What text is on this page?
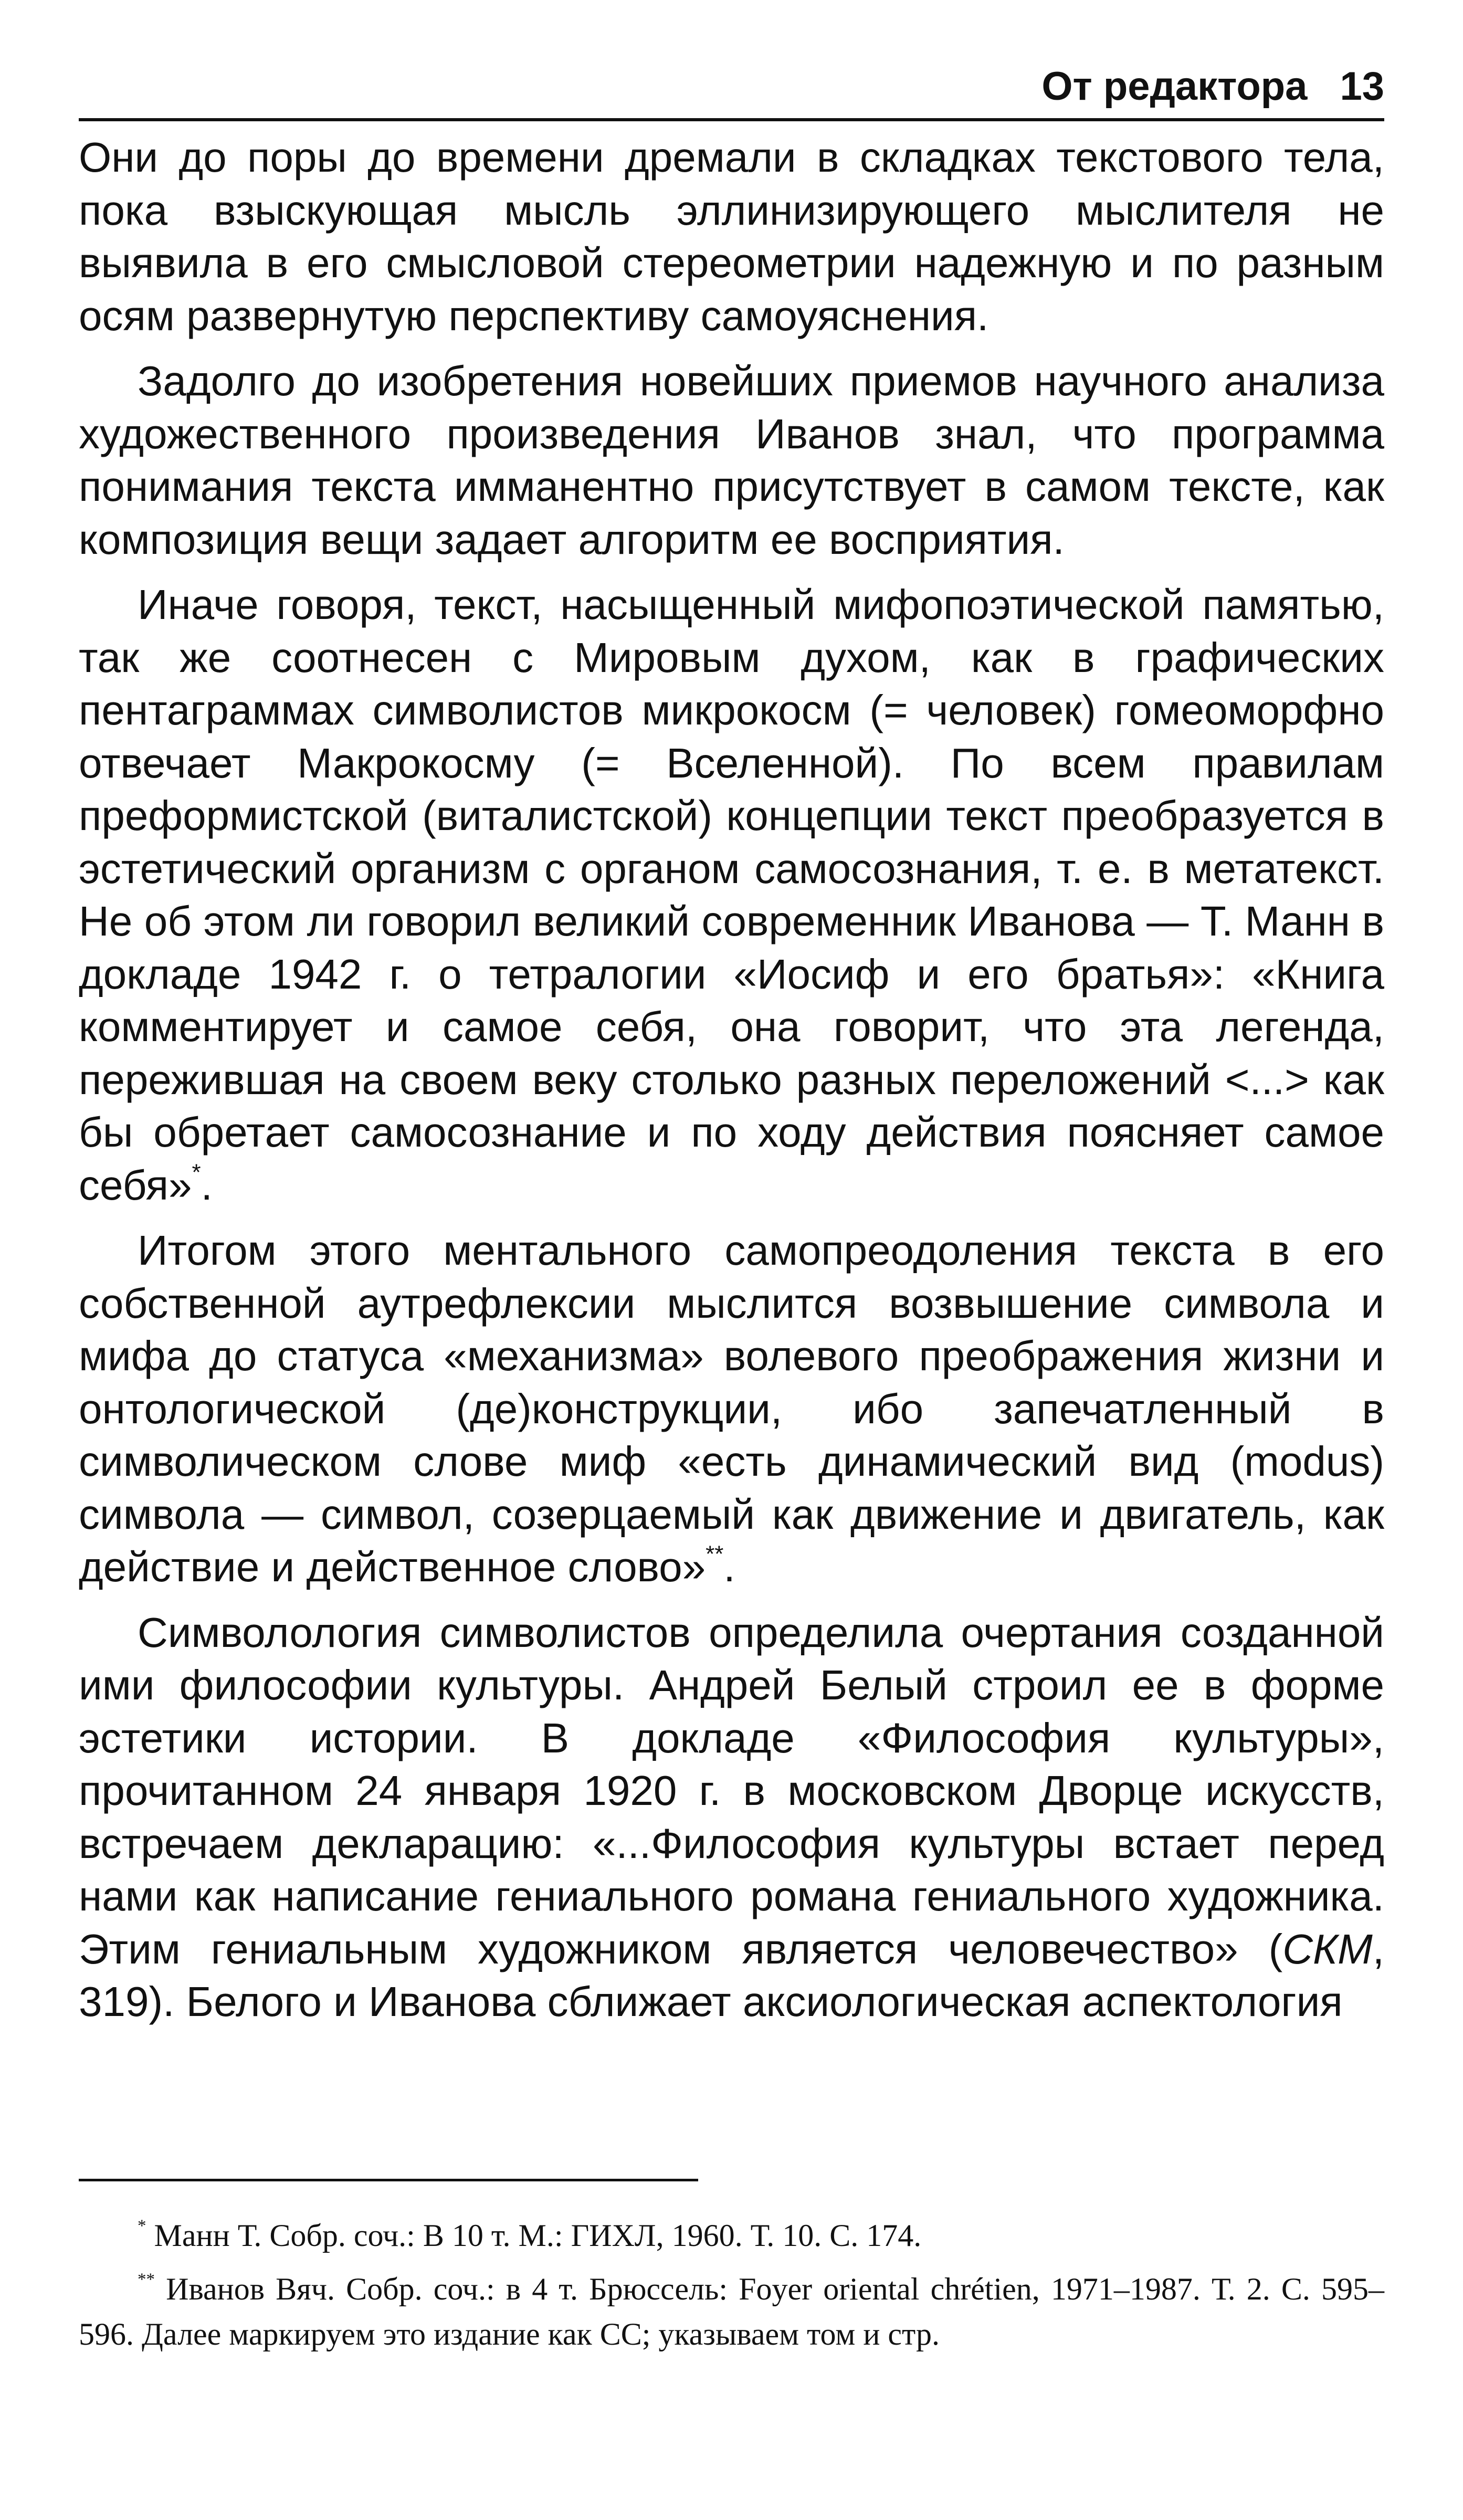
От редактора 13

Они до поры до времени дремали в складках текстового тела, пока взыскующая мысль эллинизирующего мыслителя не выявила в его смысловой стереометрии надежную и по разным осям развернутую перспективу самоуяснения.

Задолго до изобретения новейших приемов научного анализа художественного произведения Иванов знал, что программа понимания текста имманентно присутствует в самом тексте, как композиция вещи задает алгоритм ее восприятия.

Иначе говоря, текст, насыщенный мифопоэтической памятью, так же соотнесен с Мировым духом, как в графических пентаграммах символистов микрокосм (= человек) гомеоморфно отвечает Макрокосму (= Вселенной). По всем правилам преформистской (виталистской) концепции текст преобразуется в эстетический организм с органом самосознания, т. е. в метатекст. Не об этом ли говорил великий современник Иванова — Т. Манн в докладе 1942 г. о тетралогии «Иосиф и его братья»: «Книга комментирует и самое себя, она говорит, что эта легенда, пережившая на своем веку столько разных переложений <...> как бы обретает самосознание и по ходу действия поясняет самое себя»*.

Итогом этого ментального самопреодоления текста в его собственной аутрефлексии мыслится возвышение символа и мифа до статуса «механизма» волевого преображения жизни и онтологической (де)конструкции, ибо запечатленный в символическом слове миф «есть динамический вид (modus) символа — символ, созерцаемый как движение и двигатель, как действие и действенное слово»**.

Символология символистов определила очертания созданной ими философии культуры. Андрей Белый строил ее в форме эстетики истории. В докладе «Философия культуры», прочитанном 24 января 1920 г. в московском Дворце искусств, встречаем декларацию: «...Философия культуры встает перед нами как написание гениального романа гениального художника. Этим гениальным художником является человечество» (СКМ, 319). Белого и Иванова сближает аксиологическая аспектология

* Манн Т. Собр. соч.: В 10 т. М.: ГИХЛ, 1960. Т. 10. С. 174.

** Иванов Вяч. Собр. соч.: в 4 т. Брюссель: Foyer oriental chrétien, 1971–1987. Т. 2. С. 595–596. Далее маркируем это издание как СС; указываем том и стр.
